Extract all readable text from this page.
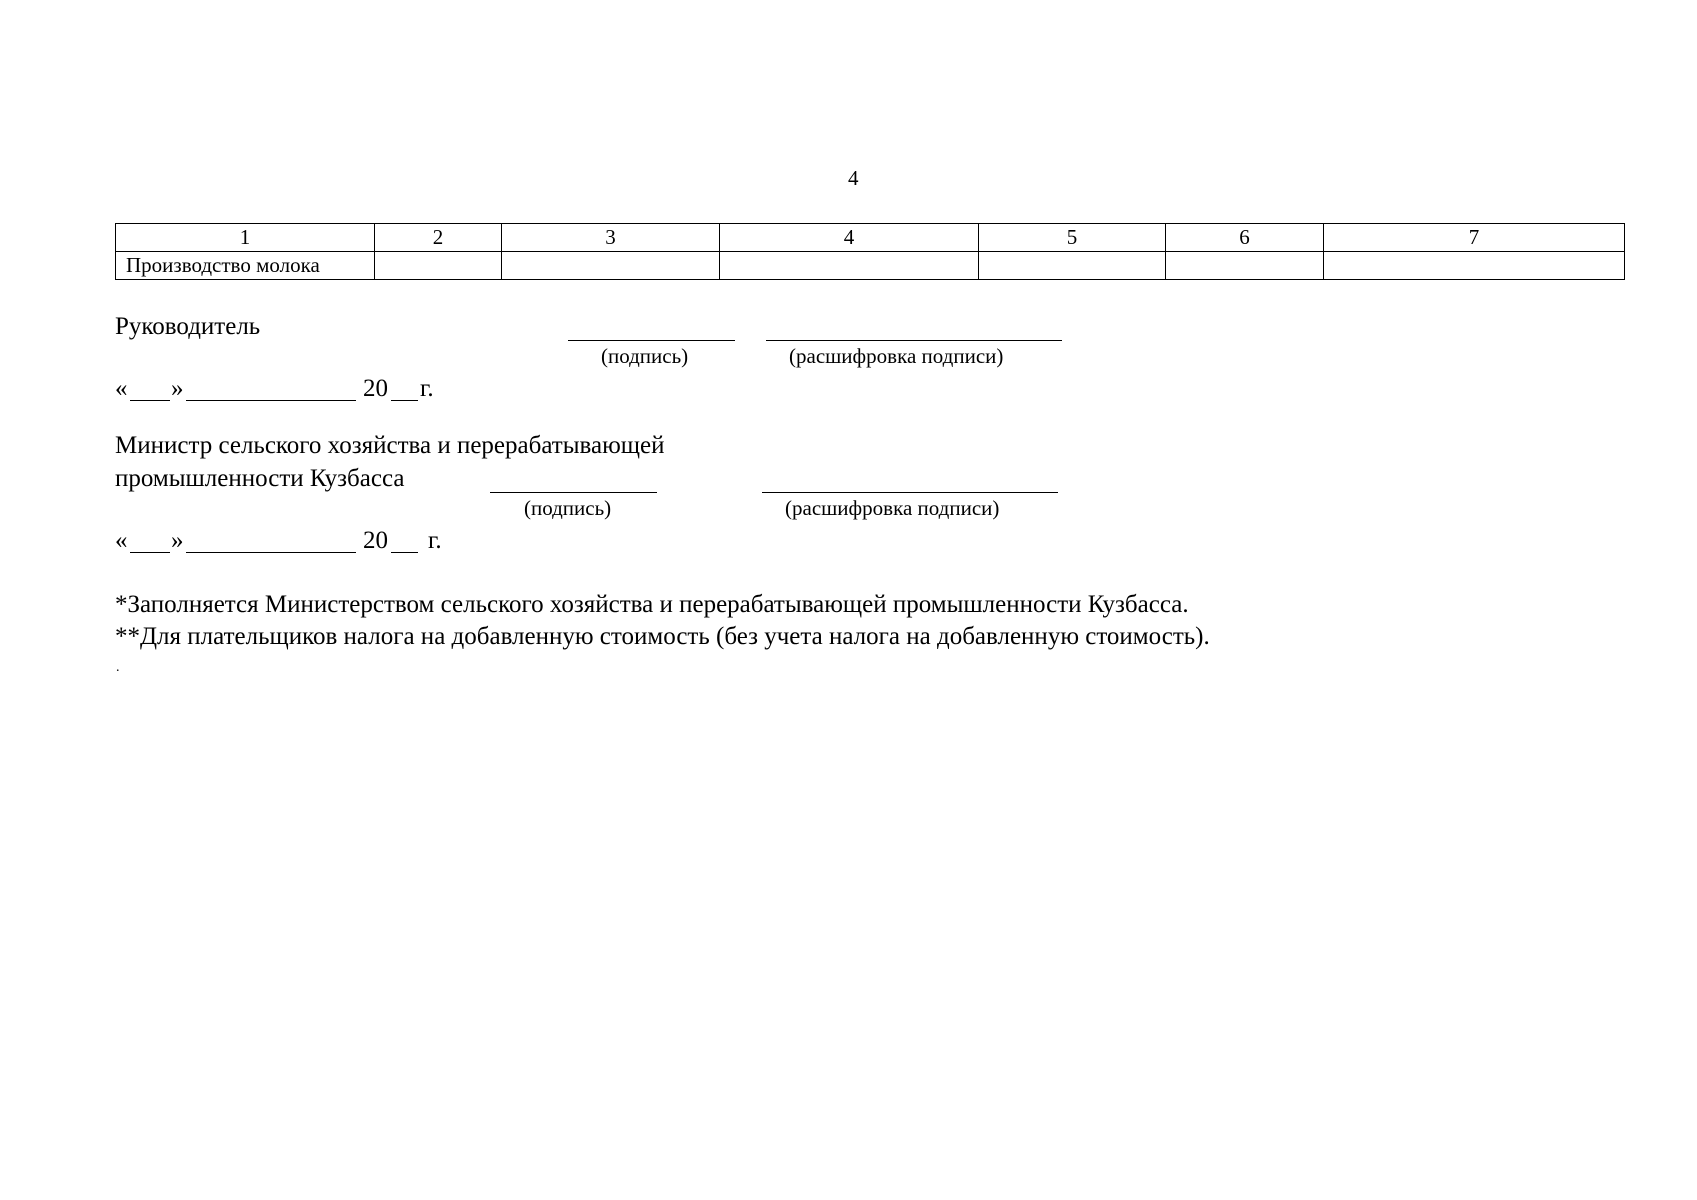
4
1	2	3	4	5	6	7
Производство молока						
Руководитель
(подпись)	(расшифровка подписи)
« »	20 г.
Министр сельского хозяйства и перерабатывающей
промышленности Кузбасса
(подпись)	(расшифровка подписи)
« »	20 г.
*Заполняется Министерством сельского хозяйства и перерабатывающей промышленности Кузбасса.
**Для плательщиков налога на добавленную стоимость (без учета налога на добавленную стоимость).
.
